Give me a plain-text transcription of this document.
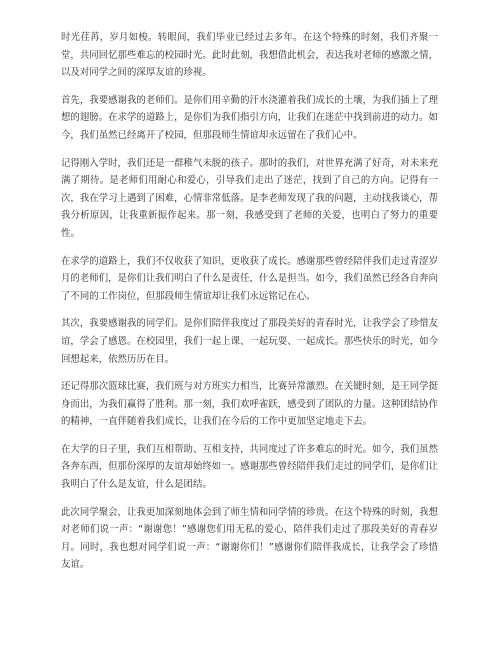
时光荏苒，岁月如梭。转眼间，我们毕业已经过去多年。在这个特殊的时刻，我们齐聚一堂，共同回忆那些难忘的校园时光。此时此刻，我想借此机会，表达我对老师的感激之情，以及对同学之间的深厚友谊的珍视。

首先，我要感谢我的老师们。是你们用辛勤的汗水浇灌着我们成长的土壤，为我们插上了理想的翅膀。在求学的道路上，是你们为我们指引方向，让我们在迷茫中找到前进的动力。如今，我们虽然已经离开了校园，但那段师生情谊却永远留在了我们心中。

记得刚入学时，我们还是一群稚气未脱的孩子。那时的我们，对世界充满了好奇，对未来充满了期待。是老师们用耐心和爱心，引导我们走出了迷茫，找到了自己的方向。记得有一次，我在学习上遇到了困难，心情非常低落。是李老师发现了我的问题，主动找我谈心，帮我分析原因，让我重新振作起来。那一刻，我感受到了老师的关爱，也明白了努力的重要性。

在求学的道路上，我们不仅收获了知识，更收获了成长。感谢那些曾经陪伴我们走过青涩岁月的老师们，是你们让我们明白了什么是责任，什么是担当。如今，我们虽然已经各自奔向了不同的工作岗位，但那段师生情谊却让我们永远铭记在心。

其次，我要感谢我的同学们。是你们陪伴我度过了那段美好的青春时光，让我学会了珍惜友谊，学会了感恩。在校园里，我们一起上课、一起玩耍、一起成长。那些快乐的时光，如今回想起来，依然历历在目。

还记得那次篮球比赛，我们班与对方班实力相当，比赛异常激烈。在关键时刻，是王同学挺身而出，为我们赢得了胜利。那一刻，我们欢呼雀跃，感受到了团队的力量。这种团结协作的精神，一直伴随着我们成长，让我们在今后的工作中更加坚定地走下去。

在大学的日子里，我们互相帮助、互相支持，共同度过了许多难忘的时光。如今，我们虽然各奔东西，但那份深厚的友谊却始终如一。感谢那些曾经陪伴我们走过的同学们，是你们让我明白了什么是友谊，什么是团结。

此次同学聚会，让我更加深刻地体会到了师生情和同学情的珍贵。在这个特殊的时刻，我想对老师们说一声：“谢谢您！”感谢您们用无私的爱心，陪伴我们走过了那段美好的青春岁月。同时，我也想对同学们说一声：“谢谢你们！”感谢你们陪伴我成长，让我学会了珍惜友谊。
